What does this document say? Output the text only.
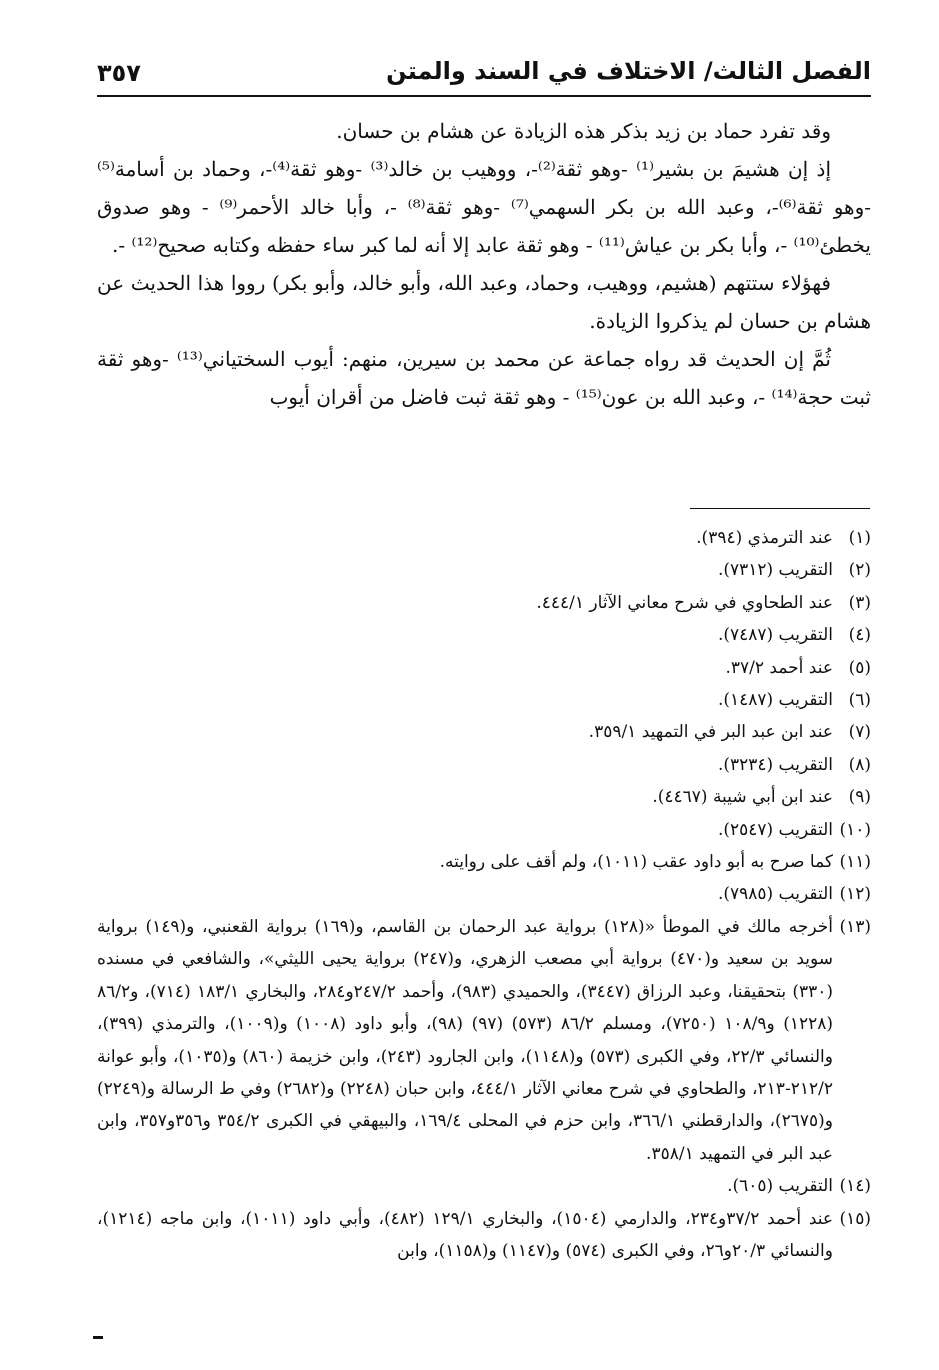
الفصل الثالث/ الاختلاف في السند والمتن
٣٥٧

وقد تفرد حماد بن زيد بذكر هذه الزيادة عن هشام بن حسان.

إذ إن هشيمَ بن بشير⁽¹⁾ -وهو ثقة⁽²⁾-، ووهيب بن خالد⁽³⁾ -وهو ثقة⁽⁴⁾-، وحماد بن أسامة⁽⁵⁾ -وهو ثقة⁽⁶⁾-، وعبد الله بن بكر السهمي⁽⁷⁾ -وهو ثقة⁽⁸⁾ -، وأبا خالد الأحمر⁽⁹⁾ - وهو صدوق يخطئ⁽¹⁰⁾ -، وأبا بكر بن عياش⁽¹¹⁾ - وهو ثقة عابد إلا أنه لما كبر ساء حفظه وكتابه صحيح⁽¹²⁾ -.

فهؤلاء ستتهم (هشيم، ووهيب، وحماد، وعبد الله، وأبو خالد، وأبو بكر) رووا هذا الحديث عن هشام بن حسان لم يذكروا الزيادة.

ثُمَّ إن الحديث قد رواه جماعة عن محمد بن سيرين، منهم: أيوب السختياني⁽¹³⁾ -وهو ثقة ثبت حجة⁽¹⁴⁾ -، وعبد الله بن عون⁽¹⁵⁾ - وهو ثقة ثبت فاضل من أقران أيوب

(١)عند الترمذي (٣٩٤).
(٢)التقريب (٧٣١٢).
(٣)عند الطحاوي في شرح معاني الآثار ٤٤٤/١.
(٤)التقريب (٧٤٨٧).
(٥)عند أحمد ٣٧/٢.
(٦)التقريب (١٤٨٧).
(٧)عند ابن عبد البر في التمهيد ٣٥٩/١.
(٨)التقريب (٣٢٣٤).
(٩)عند ابن أبي شيبة (٤٤٦٧).
(١٠)التقريب (٢٥٤٧).
(١١)كما صرح به أبو داود عقب (١٠١١)، ولم أقف على روايته.
(١٢)التقريب (٧٩٨٥).
(١٣)أخرجه مالك في الموطأ «(١٢٨) برواية عبد الرحمان بن القاسم، و(١٦٩) برواية القعنبي، و(١٤٩) برواية سويد بن سعيد و(٤٧٠) برواية أبي مصعب الزهري، و(٢٤٧) برواية يحيى الليثي»، والشافعي في مسنده (٣٣٠) بتحقيقنا، وعبد الرزاق (٣٤٤٧)، والحميدي (٩٨٣)، وأحمد ٢٤٧/٢و٢٨٤، والبخاري ١٨٣/١ (٧١٤)، و٨٦/٢ (١٢٢٨) و١٠٨/٩ (٧٢٥٠)، ومسلم ٨٦/٢ (٥٧٣) (٩٧) (٩٨)، وأبو داود (١٠٠٨) و(١٠٠٩)، والترمذي (٣٩٩)، والنسائي ٢٢/٣، وفي الكبرى (٥٧٣) و(١١٤٨)، وابن الجارود (٢٤٣)، وابن خزيمة (٨٦٠) و(١٠٣٥)، وأبو عوانة ٢١٢/٢-٢١٣، والطحاوي في شرح معاني الآثار ٤٤٤/١، وابن حبان (٢٢٤٨) و(٢٦٨٢) وفي ط الرسالة و(٢٢٤٩) و(٢٦٧٥)، والدارقطني ٣٦٦/١، وابن حزم في المحلى ١٦٩/٤، والبيهقي في الكبرى ٣٥٤/٢ و٣٥٦و٣٥٧، وابن عبد البر في التمهيد ٣٥٨/١.
(١٤)التقريب (٦٠٥).
(١٥)عند أحمد ٣٧/٢و٢٣٤، والدارمي (١٥٠٤)، والبخاري ١٢٩/١ (٤٨٢)، وأبي داود (١٠١١)، وابن ماجه (١٢١٤)، والنسائي ٢٠/٣و٢٦، وفي الكبرى (٥٧٤) و(١١٤٧) و(١١٥٨)، وابن
